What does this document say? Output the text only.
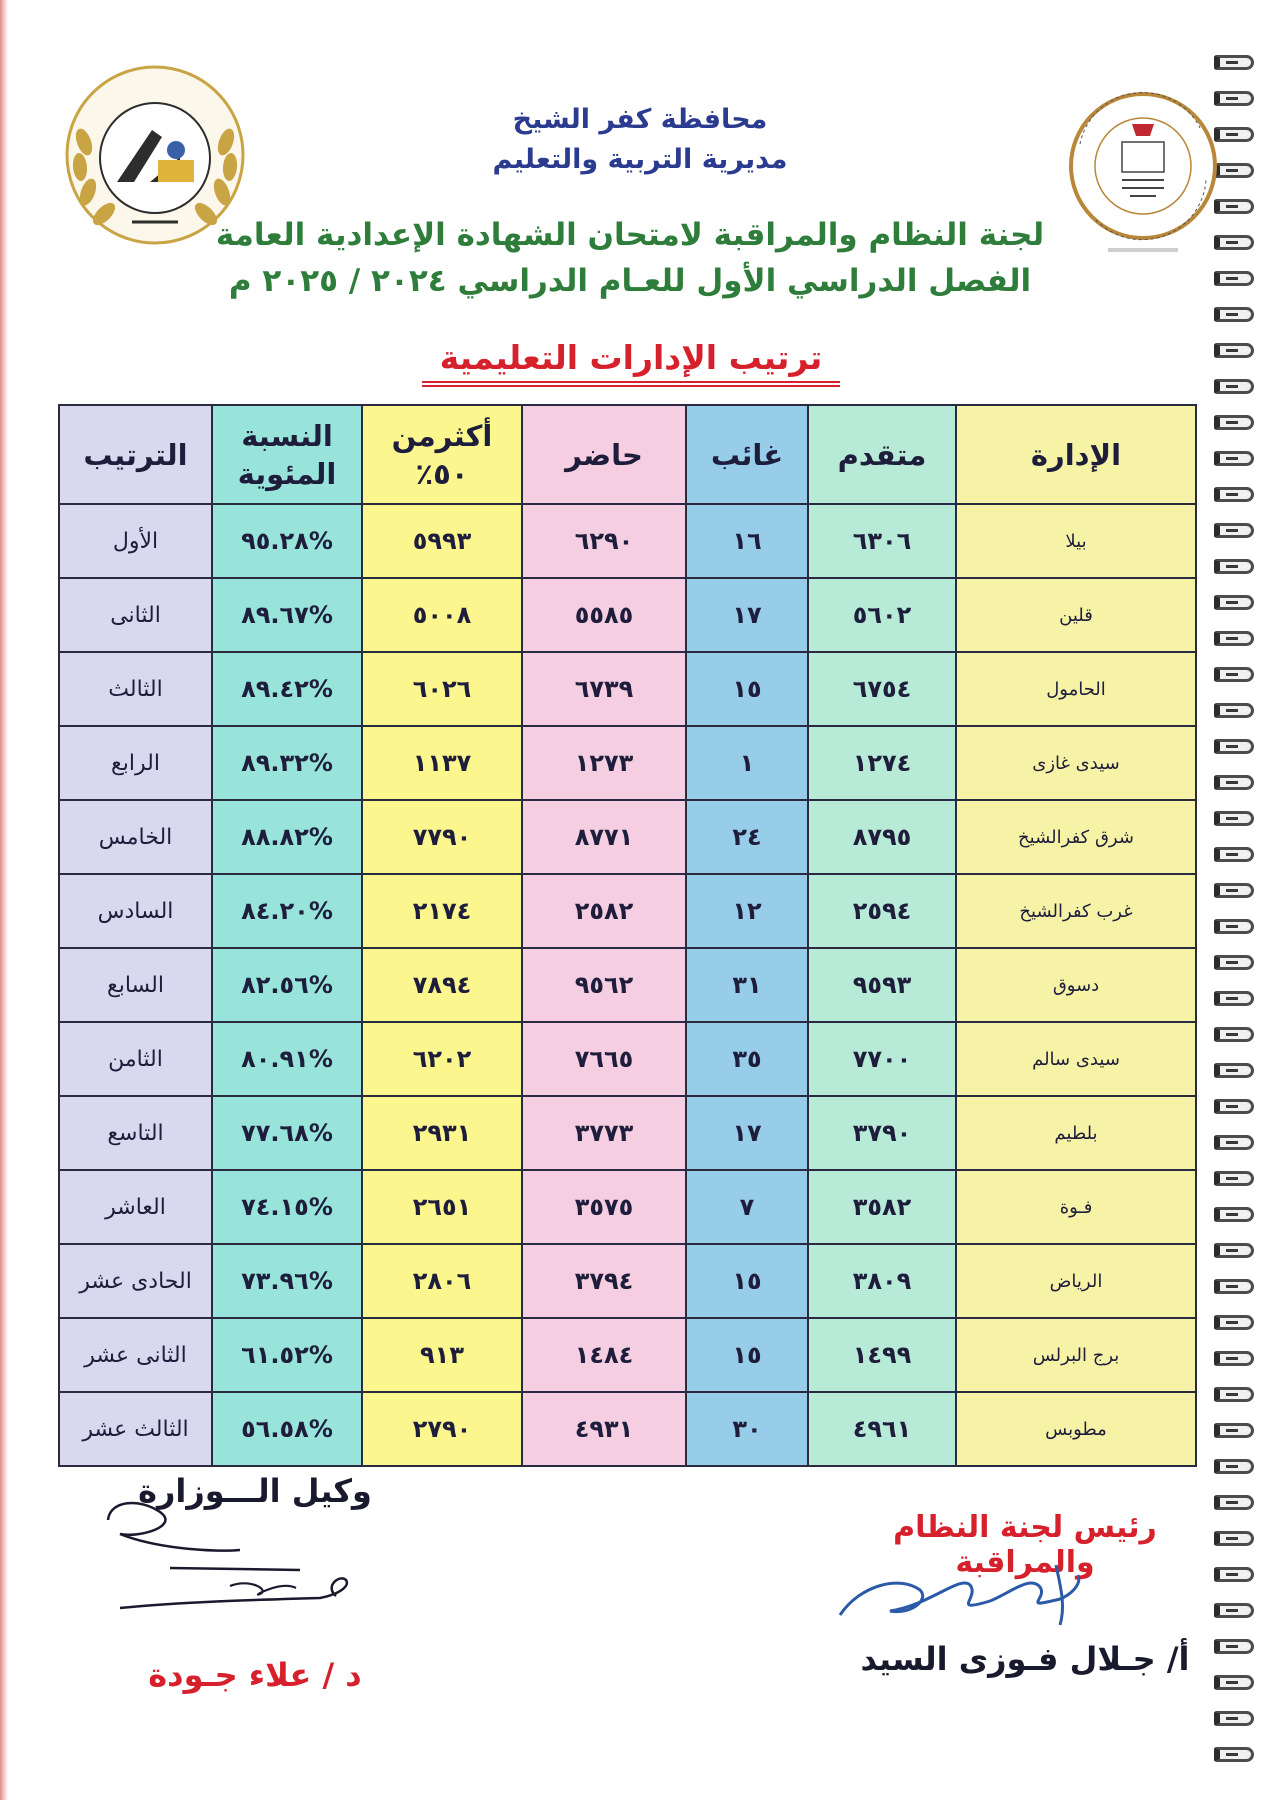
محافظة كفر الشيخ
مديرية التربية والتعليم
لجنة النظام والمراقبة لامتحان الشهادة الإعدادية العامة
الفصل الدراسي الأول للعـام الدراسي ٢٠٢٤ / ٢٠٢٥ م
ترتيب الإدارات التعليمية
الإدارة	متقدم	غائب	حاضر	أكثرمن ٥٠٪	النسبة المئوية	الترتيب
بيلا	٦٣٠٦	١٦	٦٢٩٠	٥٩٩٣	%٩٥.٢٨	الأول
قلين	٥٦٠٢	١٧	٥٥٨٥	٥٠٠٨	%٨٩.٦٧	الثانى
الحامول	٦٧٥٤	١٥	٦٧٣٩	٦٠٢٦	%٨٩.٤٢	الثالث
سيدى غازى	١٢٧٤	١	١٢٧٣	١١٣٧	%٨٩.٣٢	الرابع
شرق كفرالشيخ	٨٧٩٥	٢٤	٨٧٧١	٧٧٩٠	%٨٨.٨٢	الخامس
غرب كفرالشيخ	٢٥٩٤	١٢	٢٥٨٢	٢١٧٤	%٨٤.٢٠	السادس
دسوق	٩٥٩٣	٣١	٩٥٦٢	٧٨٩٤	%٨٢.٥٦	السابع
سيدى سالم	٧٧٠٠	٣٥	٧٦٦٥	٦٢٠٢	%٨٠.٩١	الثامن
بلطيم	٣٧٩٠	١٧	٣٧٧٣	٢٩٣١	%٧٧.٦٨	التاسع
فـوة	٣٥٨٢	٧	٣٥٧٥	٢٦٥١	%٧٤.١٥	العاشر
الرياض	٣٨٠٩	١٥	٣٧٩٤	٢٨٠٦	%٧٣.٩٦	الحادى عشر
برج البرلس	١٤٩٩	١٥	١٤٨٤	٩١٣	%٦١.٥٢	الثانى عشر
مطوبس	٤٩٦١	٣٠	٤٩٣١	٢٧٩٠	%٥٦.٥٨	الثالث عشر
وكيل الـــوزارة
د / علاء جـودة
رئيس لجنة النظام والمراقبة
أ/ جـلال فـوزى السيد
